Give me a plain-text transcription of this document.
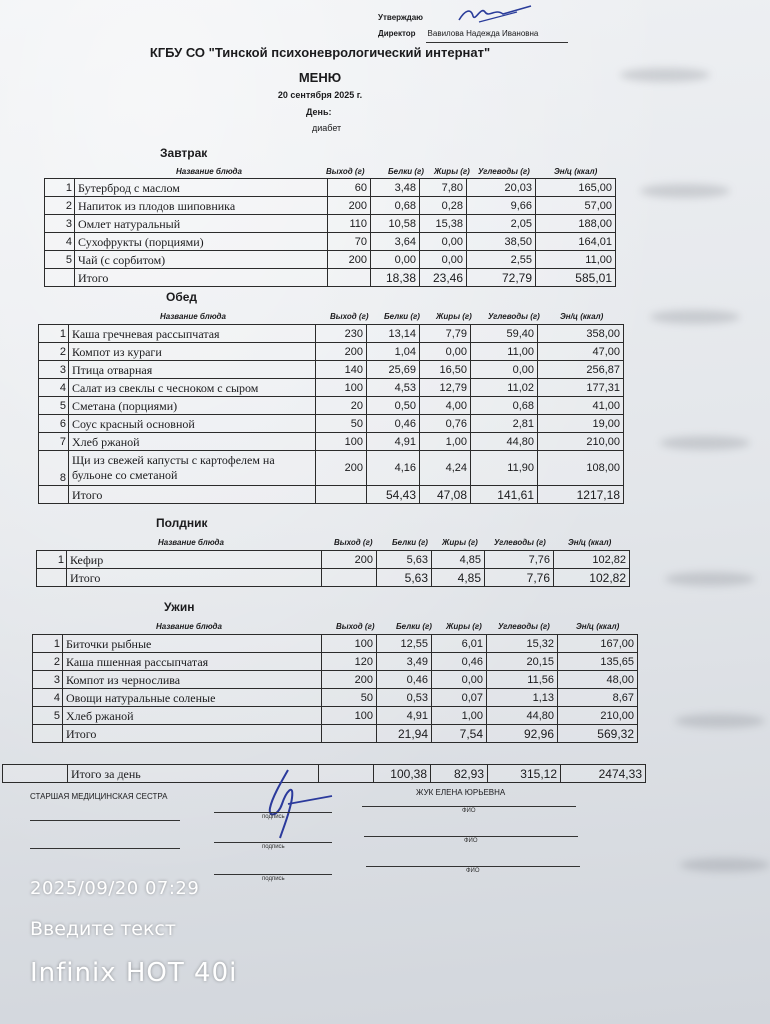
Утверждаю
Директор Вавилова Надежда Ивановна
КГБУ СО "Тинской психоневрологический интернат"
МЕНЮ
20 сентября 2025 г.
День:
диабет
Завтрак
Название блюда	Выход (г)	Белки (г) Жиры (г) Углеводы (г)	Эн/ц (ккал)
1	Бутерброд с маслом	60	3,48	7,80	20,03	165,00
2	Напиток из плодов шиповника	200	0,68	0,28	9,66	57,00
3	Омлет натуральный	110	10,58	15,38	2,05	188,00
4	Сухофрукты (порциями)	70	3,64	0,00	38,50	164,01
5	Чай (с сорбитом)	200	0,00	0,00	2,55	11,00
	Итого		18,38	23,46	72,79	585,01
Обед
Название блюда	Выход (г) Белки (г) Жиры (г) Углеводы (г)	Эн/ц (ккал)
1	Каша гречневая рассыпчатая	230	13,14	7,79	59,40	358,00
2	Компот из кураги	200	1,04	0,00	11,00	47,00
3	Птица отварная	140	25,69	16,50	0,00	256,87
4	Салат из свеклы с чесноком с сыром	100	4,53	12,79	11,02	177,31
5	Сметана (порциями)	20	0,50	4,00	0,68	41,00
6	Соус красный основной	50	0,46	0,76	2,81	19,00
7	Хлеб ржаной	100	4,91	1,00	44,80	210,00
8	Щи из свежей капусты с картофелем на бульоне со сметаной	200	4,16	4,24	11,90	108,00
	Итого		54,43	47,08	141,61	1217,18
Полдник
Название блюда	Выход (г) Белки (г) Жиры (г) Углеводы (г)	Эн/ц (ккал)
1	Кефир	200	5,63	4,85	7,76	102,82
	Итого		5,63	4,85	7,76	102,82
Ужин
Название блюда	Выход (г)	Белки (г) Жиры (г) Углеводы (г)	Эн/ц (ккал)
1	Биточки рыбные	100	12,55	6,01	15,32	167,00
2	Каша пшенная рассыпчатая	120	3,49	0,46	20,15	135,65
3	Компот из чернослива	200	0,46	0,00	11,56	48,00
4	Овощи натуральные соленые	50	0,53	0,07	1,13	8,67
5	Хлеб ржаной	100	4,91	1,00	44,80	210,00
	Итого		21,94	7,54	92,96	569,32
	Итого за день		100,38	82,93	315,12	2474,33
СТАРШАЯ МЕДИЦИНСКАЯ СЕСТРА	ЖУК ЕЛЕНА ЮРЬЕВНА
подпись
ФИО
подпись
ФИО
подпись
ФИО
2025/09/20 07:29
Введите текст
Infinix HOT 40i
